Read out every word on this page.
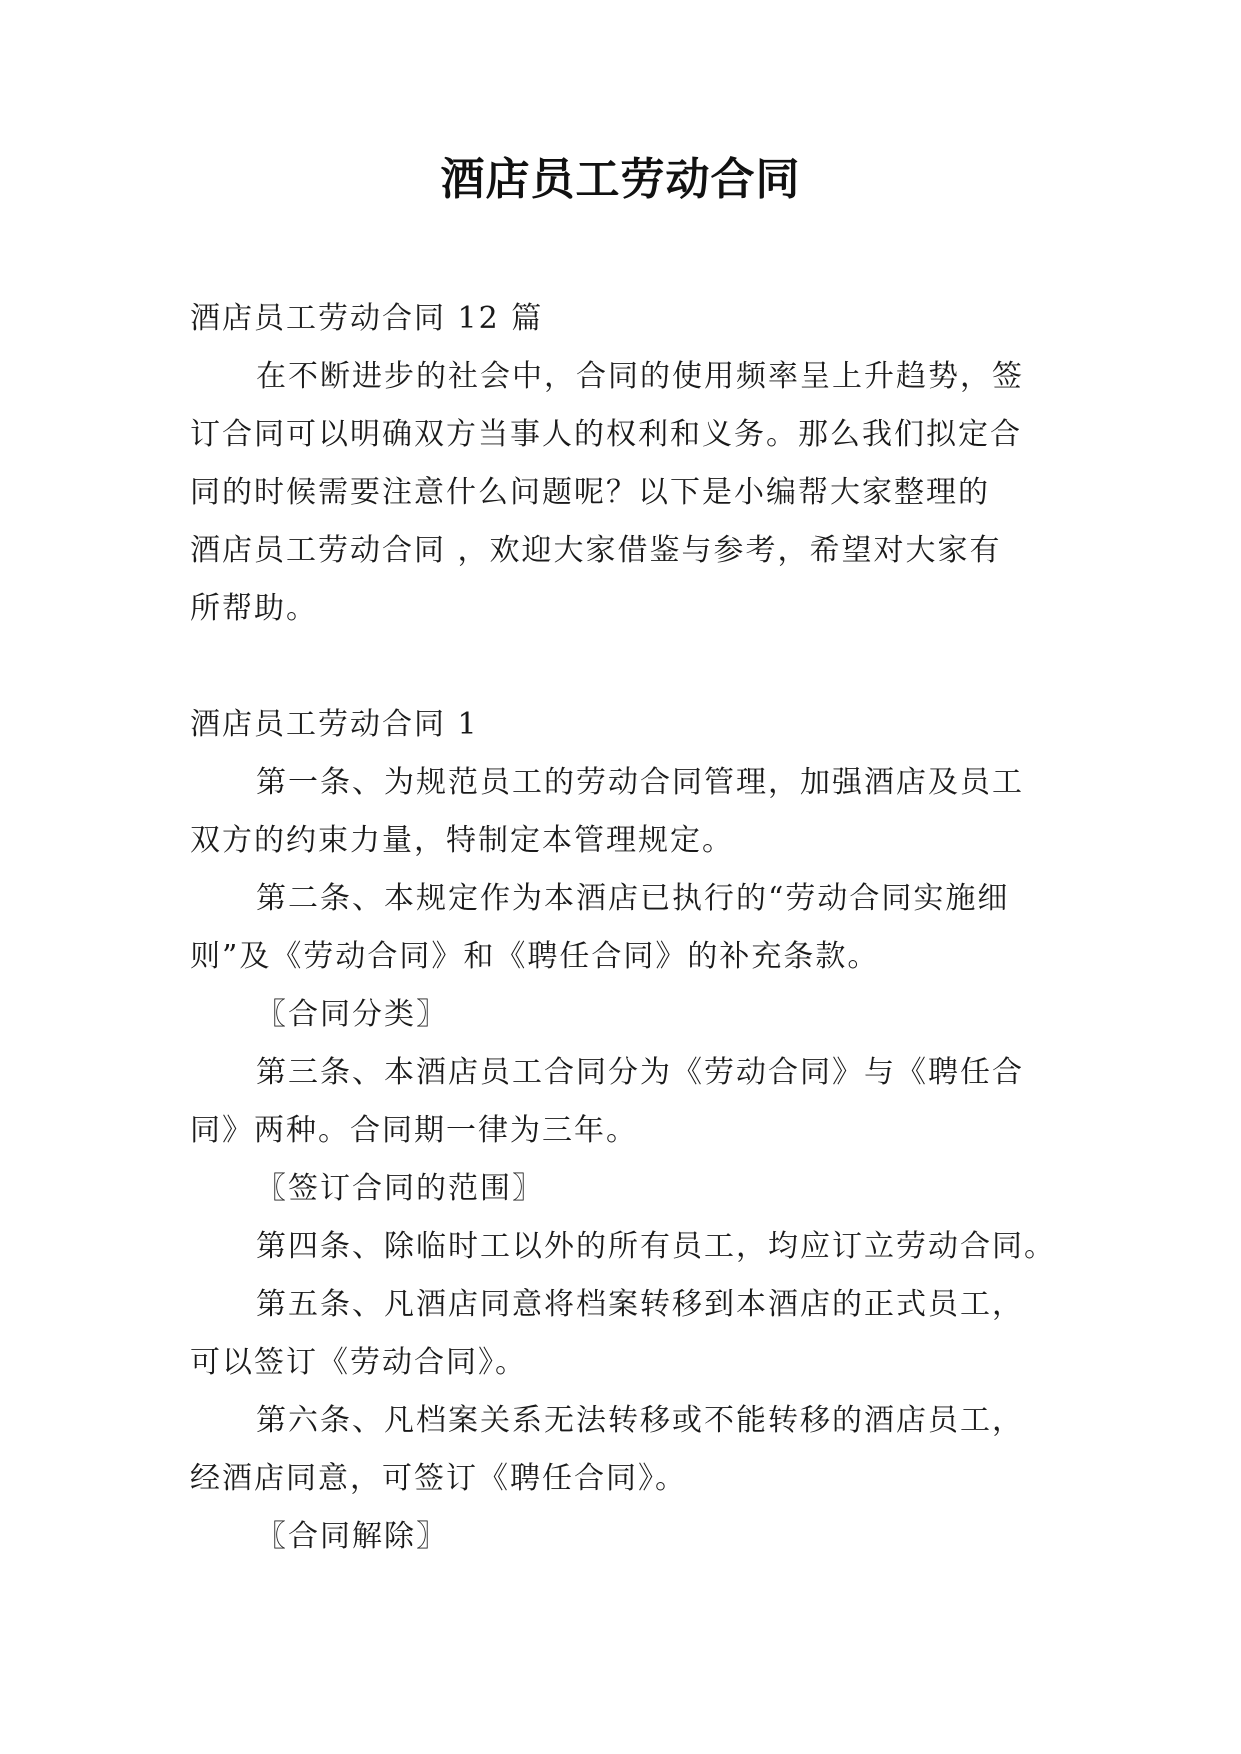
酒店员工劳动合同
酒店员工劳动合同 12 篇
在不断进步的社会中，合同的使用频率呈上升趋势，签
订合同可以明确双方当事人的权利和义务。那么我们拟定合
同的时候需要注意什么问题呢？以下是小编帮大家整理的
酒店员工劳动合同 ，欢迎大家借鉴与参考，希望对大家有
所帮助。
酒店员工劳动合同 1
第一条、为规范员工的劳动合同管理，加强酒店及员工
双方的约束力量，特制定本管理规定。
第二条、本规定作为本酒店已执行的“劳动合同实施细
则”及《劳动合同》和《聘任合同》的补充条款。
〖合同分类〗
第三条、本酒店员工合同分为《劳动合同》与《聘任合
同》两种。合同期一律为三年。
〖签订合同的范围〗
第四条、除临时工以外的所有员工，均应订立劳动合同。
第五条、凡酒店同意将档案转移到本酒店的正式员工，
可以签订《劳动合同》。
第六条、凡档案关系无法转移或不能转移的酒店员工，
经酒店同意，可签订《聘任合同》。
〖合同解除〗
